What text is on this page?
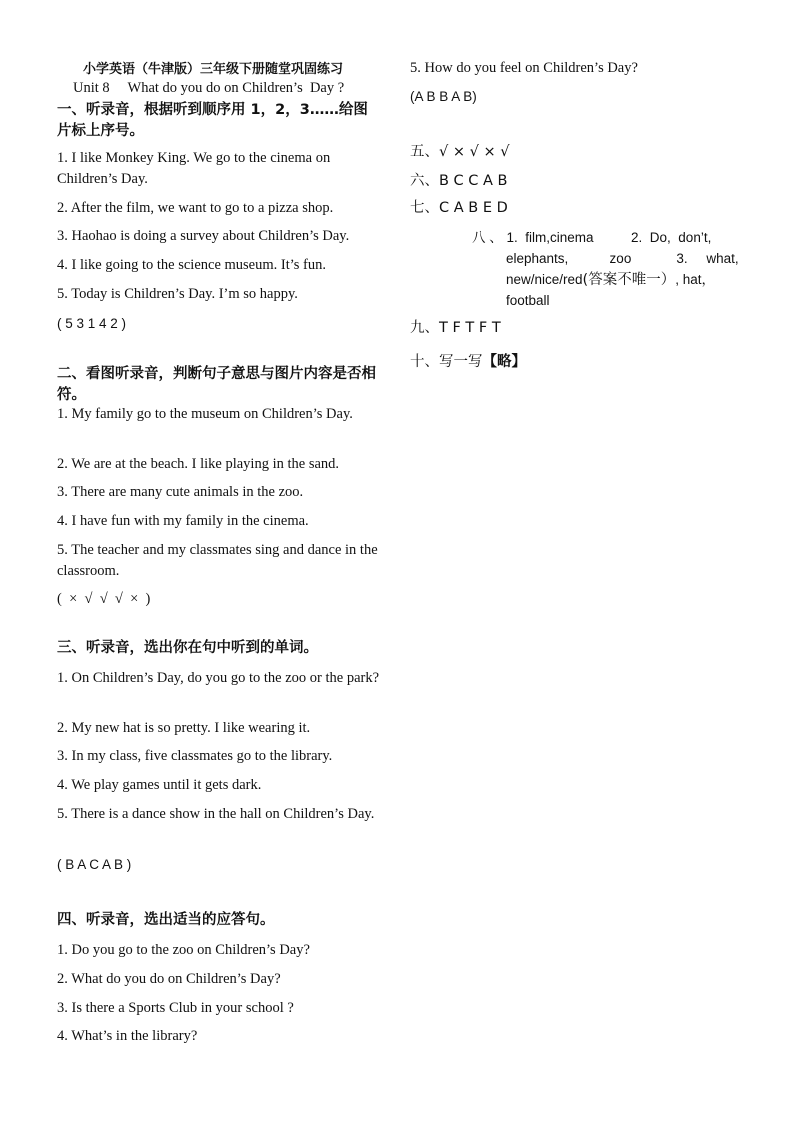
小学英语（牛津版）三年级下册随堂巩固练习
Unit 8     What do you do on Children’s  Day ?
一、听录音，根据听到顺序用 1，2，3……给图片标上序号。
1. I like Monkey King. We go to the cinema on Children’s Day.
2. After the film, we want to go to a pizza shop.
3. Haohao is doing a survey about Children’s Day.
4. I like going to the science museum. It’s fun.
5. Today is Children’s Day. I’m so happy.
( 5 3 1 4 2 )
二、看图听录音，判断句子意思与图片内容是否相符。
1. My family go to the museum on Children’s Day.
2. We are at the beach. I like playing in the sand.
3. There are many cute animals in the zoo.
4. I have fun with my family in the cinema.
5. The teacher and my classmates sing and dance in the classroom.
(  ×  √  √  √  ×  )
三、听录音，选出你在句中听到的单词。
1. On Children’s Day, do you go to the zoo or the park?
2. My new hat is so pretty. I like wearing it.
3. In my class, five classmates go to the library.
4. We play games until it gets dark.
5. There is a dance show in the hall on Children’s Day.
( B A C A B )
四、听录音，选出适当的应答句。
1. Do you go to the zoo on Children’s Day?
2. What do you do on Children’s Day?
3. Is there a Sports Club in your school ?
4. What’s in the library?
5. How do you feel on Children’s Day?
(A B B A B)
五、√ × √ × √
六、B C C A B
七、C A B E D
八 、 1.  film,cinema          2.  Do,  don’t,
elephants,           zoo            3.     what,
new/nice/red(答案不唯一）, hat，
football
九、T F T F T
十、写一写【略】
